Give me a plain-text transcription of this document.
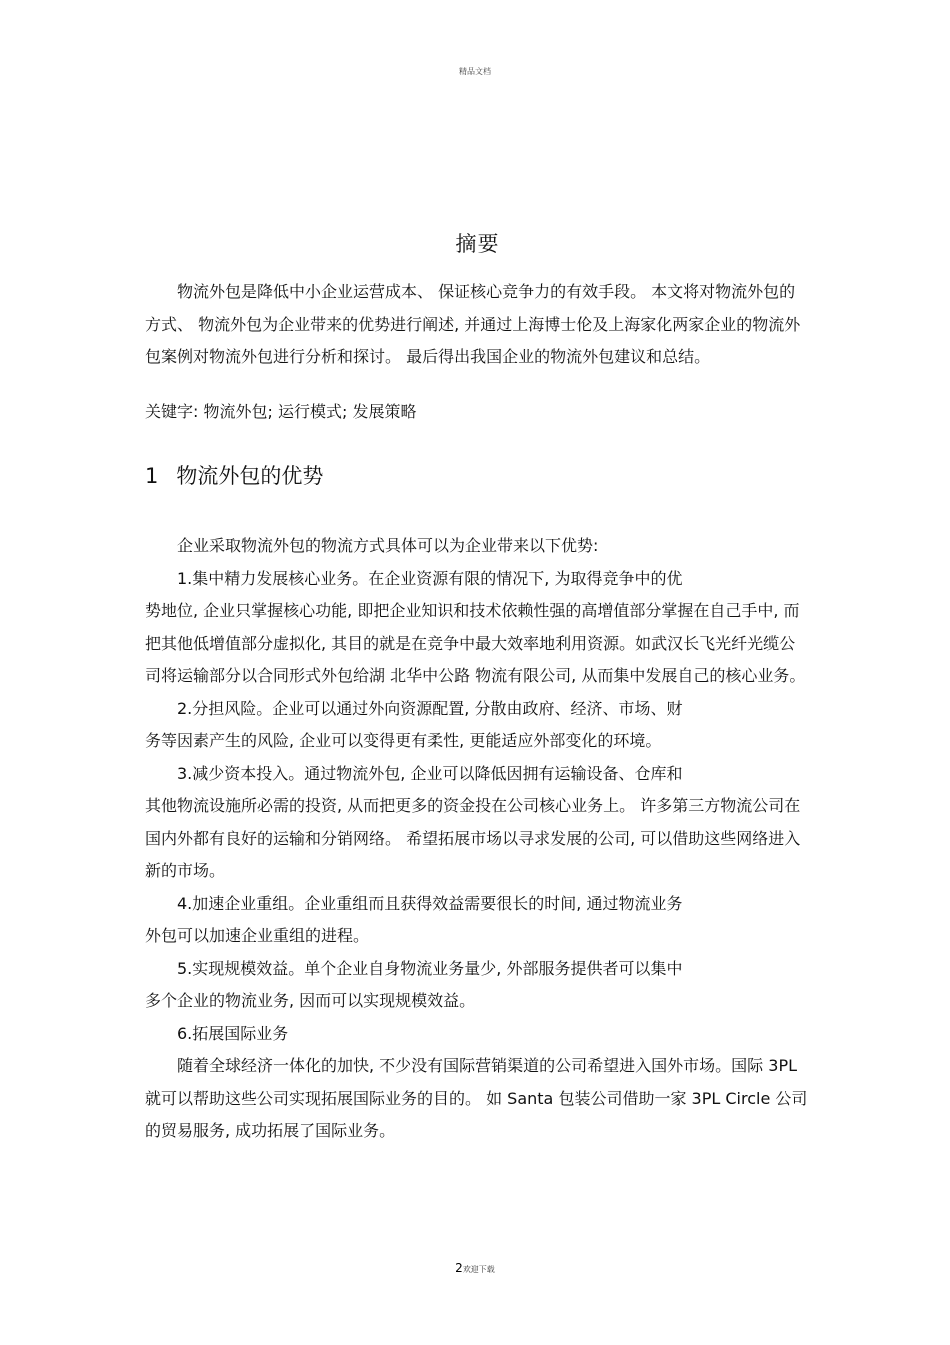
精品文档
摘要

物流外包是降低中小企业运营成本、 保证核心竞争力的有效手段。 本文将对物流外包的方式、 物流外包为企业带来的优势进行阐述, 并通过上海博士伦及上海家化两家企业的物流外包案例对物流外包进行分析和探讨。 最后得出我国企业的物流外包建议和总结。

关键字: 物流外包; 运行模式; 发展策略

1 物流外包的优势

企业采取物流外包的物流方式具体可以为企业带来以下优势:

1.集中精力发展核心业务。在企业资源有限的情况下, 为取得竞争中的优

势地位, 企业只掌握核心功能, 即把企业知识和技术依赖性强的高增值部分掌握在自己手中, 而把其他低增值部分虚拟化, 其目的就是在竞争中最大效率地利用资源。如武汉长飞光纤光缆公司将运输部分以合同形式外包给湖 北华中公路 物流有限公司, 从而集中发展自己的核心业务。

2.分担风险。企业可以通过外向资源配置, 分散由政府、经济、市场、财

务等因素产生的风险, 企业可以变得更有柔性, 更能适应外部变化的环境。

3.减少资本投入。通过物流外包, 企业可以降低因拥有运输设备、仓库和

其他物流设施所必需的投资, 从而把更多的资金投在公司核心业务上。 许多第三方物流公司在国内外都有良好的运输和分销网络。 希望拓展市场以寻求发展的公司, 可以借助这些网络进入新的市场。

4.加速企业重组。企业重组而且获得效益需要很长的时间, 通过物流业务

外包可以加速企业重组的进程。

5.实现规模效益。单个企业自身物流业务量少, 外部服务提供者可以集中

多个企业的物流业务, 因而可以实现规模效益。

6.拓展国际业务

随着全球经济一体化的加快, 不少没有国际营销渠道的公司希望进入国外市场。国际 3PL就可以帮助这些公司实现拓展国际业务的目的。 如 Santa 包装公司借助一家 3PL Circle 公司 的贸易服务, 成功拓展了国际业务。

2欢迎下载
